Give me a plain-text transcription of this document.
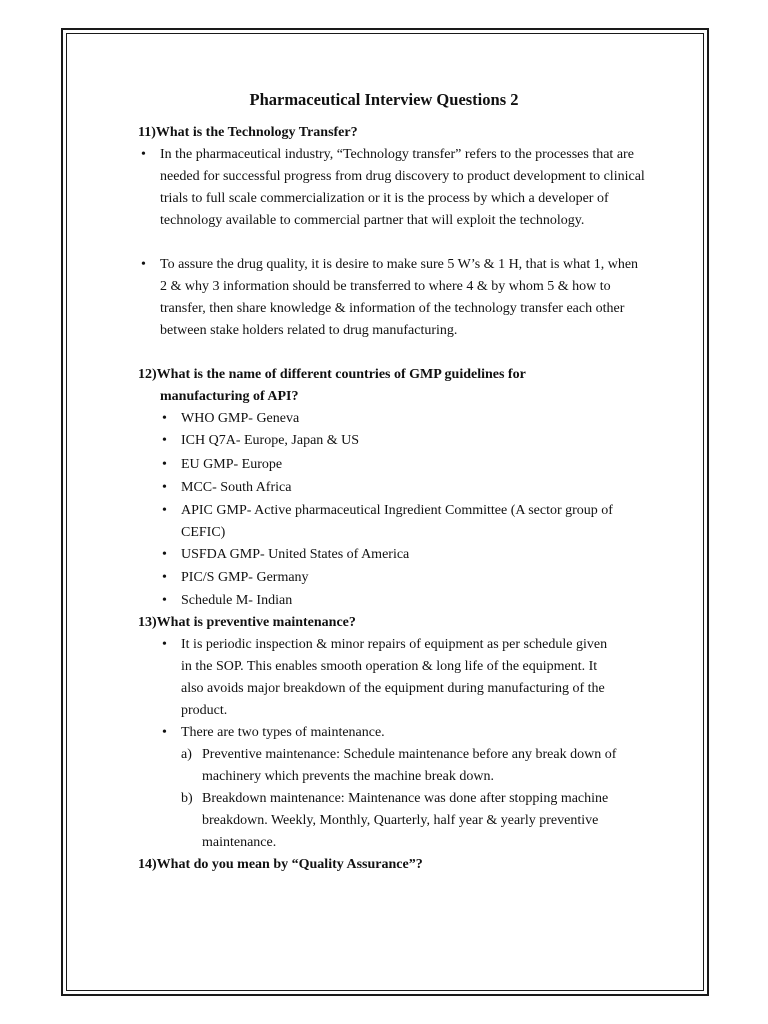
Pharmaceutical Interview Questions 2

11)What is the Technology Transfer?

•	In the pharmaceutical industry, “Technology transfer” refers to the processes that are needed for successful progress from drug discovery to product development to clinical trials to full scale commercialization or it is the process by which a developer of technology available to commercial partner that will exploit the technology.
•	To assure the drug quality, it is desire to make sure 5 W’s & 1 H, that is what 1, when 2 & why 3 information should be transferred to where 4 & by whom 5 & how to transfer, then share knowledge & information of the technology transfer each other between stake holders related to drug manufacturing.
12)What is the name of different countries of GMP guidelines for
manufacturing of API?
•	WHO GMP- Geneva
•	ICH Q7A- Europe, Japan & US
•	EU GMP- Europe
•	MCC- South Africa
•	APIC GMP- Active pharmaceutical Ingredient Committee (A sector group of CEFIC)
•	USFDA GMP- United States of America
•	PIC/S GMP- Germany
•	Schedule M- Indian

13)What is preventive maintenance?

•	It is periodic inspection & minor repairs of equipment as per schedule given in the SOP. This enables smooth operation & long life of the equipment. It also avoids major breakdown of the equipment during manufacturing of the product.
•	There are two types of maintenance.
a) Preventive maintenance: Schedule maintenance before any break down of machinery which prevents the machine break down.
b) Breakdown maintenance: Maintenance was done after stopping machine breakdown. Weekly, Monthly, Quarterly, half year & yearly preventive maintenance.

14)What do you mean by “Quality Assurance”?
